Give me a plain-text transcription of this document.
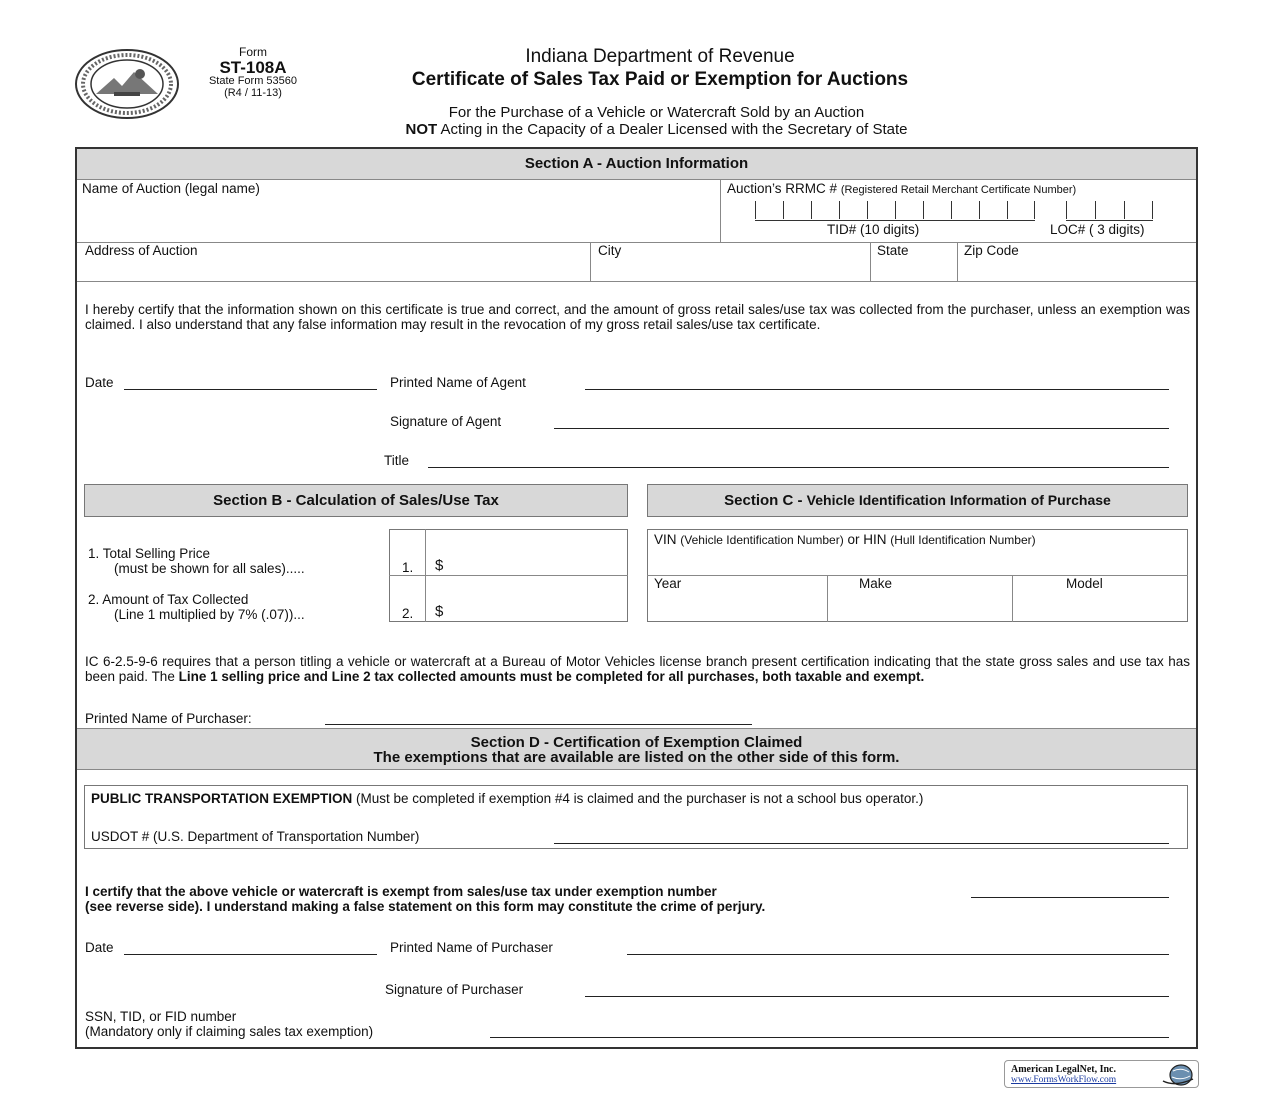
Form
ST-108A
State Form 53560
(R4 / 11-13)
Indiana Department of Revenue
Certificate of Sales Tax Paid or Exemption for Auctions
For the Purchase of a Vehicle or Watercraft Sold by an Auction
NOT Acting in the Capacity of a Dealer Licensed with the Secretary of State
Section A - Auction Information
Name of Auction (legal name)	Auction’s RRMC # (Registered Retail Merchant Certificate Number)
TID# (10 digits)	LOC# ( 3 digits)
Address of Auction	City	State	Zip Code
I hereby certify that the information shown on this certificate is true and correct, and the amount of gross retail sales/use tax was collected from the purchaser, unless an exemption was claimed. I also understand that any false information may result in the revocation of my gross retail sales/use tax certificate.
Date	Printed Name of Agent
Signature of Agent
Title
Section B - Calculation of Sales/Use Tax
1. Total Selling Price
(must be shown for all sales).....	1. $
2. Amount of Tax Collected
(Line 1 multiplied by 7% (.07))...	2. $
Section C - Vehicle Identification Information of Purchase
VIN (Vehicle Identification Number) or HIN (Hull Identification Number)
Year	Make	Model
IC 6-2.5-9-6 requires that a person titling a vehicle or watercraft at a Bureau of Motor Vehicles license branch present certification indicating that the state gross sales and use tax has been paid. The Line 1 selling price and Line 2 tax collected amounts must be completed for all purchases, both taxable and exempt.
Printed Name of Purchaser:
Section D - Certification of Exemption Claimed
The exemptions that are available are listed on the other side of this form.
PUBLIC TRANSPORTATION EXEMPTION (Must be completed if exemption #4 is claimed and the purchaser is not a school bus operator.)
USDOT # (U.S. Department of Transportation Number)
I certify that the above vehicle or watercraft is exempt from sales/use tax under exemption number
(see reverse side). I understand making a false statement on this form may constitute the crime of perjury.
Date	Printed Name of Purchaser
Signature of Purchaser
SSN, TID, or FID number
(Mandatory only if claiming sales tax exemption)
American LegalNet, Inc.
www.FormsWorkFlow.com
